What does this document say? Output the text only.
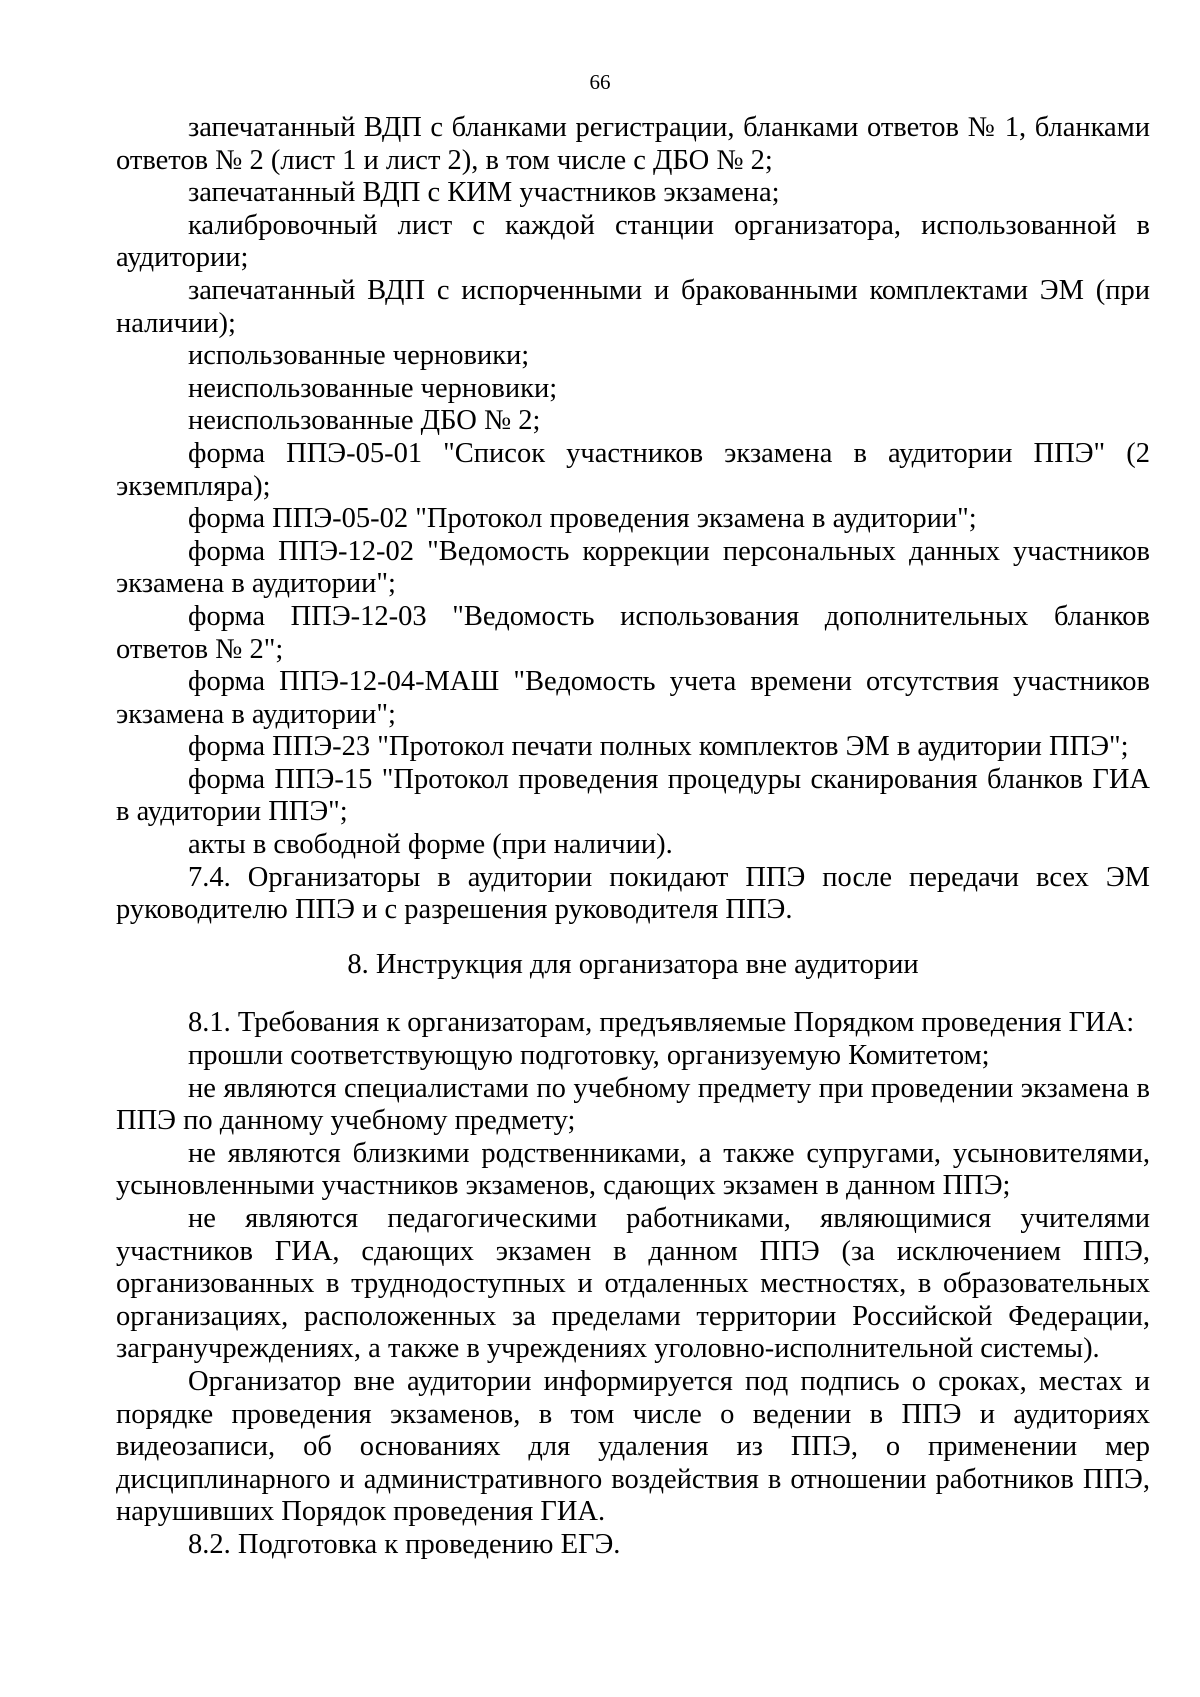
66

запечатанный ВДП с бланками регистрации, бланками ответов № 1, бланками ответов № 2 (лист 1 и лист 2), в том числе с ДБО № 2;

запечатанный ВДП с КИМ участников экзамена;

калибровочный лист с каждой станции организатора, использованной в аудитории;

запечатанный ВДП с испорченными и бракованными комплектами ЭМ (при наличии);

использованные черновики;

неиспользованные черновики;

неиспользованные ДБО № 2;

форма ППЭ-05-01 "Список участников экзамена в аудитории ППЭ" (2 экземпляра);

форма ППЭ-05-02 "Протокол проведения экзамена в аудитории";

форма ППЭ-12-02 "Ведомость коррекции персональных данных участников экзамена в аудитории";

форма ППЭ-12-03 "Ведомость использования дополнительных бланков ответов № 2";

форма ППЭ-12-04-МАШ "Ведомость учета времени отсутствия участников экзамена в аудитории";

форма ППЭ-23 "Протокол печати полных комплектов ЭМ в аудитории ППЭ";

форма ППЭ-15 "Протокол проведения процедуры сканирования бланков ГИА в аудитории ППЭ";

акты в свободной форме (при наличии).

7.4. Организаторы в аудитории покидают ППЭ после передачи всех ЭМ руководителю ППЭ и с разрешения руководителя ППЭ.

8. Инструкция для организатора вне аудитории

8.1. Требования к организаторам, предъявляемые Порядком проведения ГИА:

прошли соответствующую подготовку, организуемую Комитетом;

не являются специалистами по учебному предмету при проведении экзамена в ППЭ по данному учебному предмету;

не являются близкими родственниками, а также супругами, усыновителями, усыновленными участников экзаменов, сдающих экзамен в данном ППЭ;

не являются педагогическими работниками, являющимися учителями участников ГИА, сдающих экзамен в данном ППЭ (за исключением ППЭ, организованных в труднодоступных и отдаленных местностях, в образовательных организациях, расположенных за пределами территории Российской Федерации, загранучреждениях, а также в учреждениях уголовно-исполнительной системы).

Организатор вне аудитории информируется под подпись о сроках, местах и порядке проведения экзаменов, в том числе о ведении в ППЭ и аудиториях видеозаписи, об основаниях для удаления из ППЭ, о применении мер дисциплинарного и административного воздействия в отношении работников ППЭ, нарушивших Порядок проведения ГИА.

8.2. Подготовка к проведению ЕГЭ.
